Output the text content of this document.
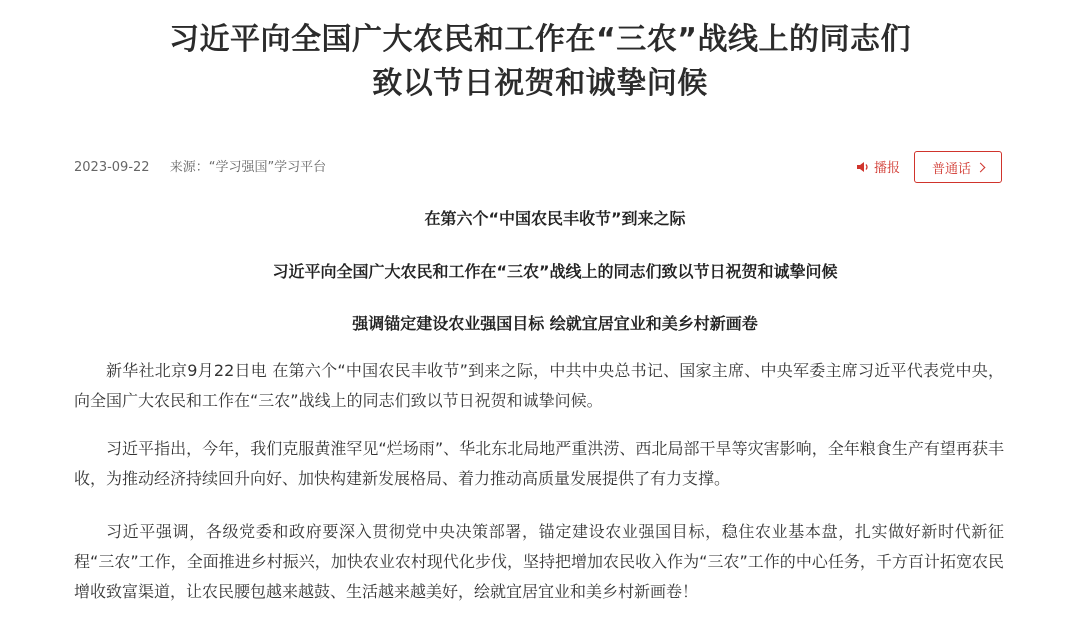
习近平向全国广大农民和工作在“三农”战线上的同志们
致以节日祝贺和诚挚问候
2023-09-22 来源：“学习强国”学习平台	播报 普通话
在第六个“中国农民丰收节”到来之际
习近平向全国广大农民和工作在“三农”战线上的同志们致以节日祝贺和诚挚问候
强调锚定建设农业强国目标 绘就宜居宜业和美乡村新画卷

新华社北京9月22日电 在第六个“中国农民丰收节”到来之际，中共中央总书记、国家主席、中央军委主席习近平代表党中央，向全国广大农民和工作在“三农”战线上的同志们致以节日祝贺和诚挚问候。

习近平指出，今年，我们克服黄淮罕见“烂场雨”、华北东北局地严重洪涝、西北局部干旱等灾害影响，全年粮食生产有望再获丰收，为推动经济持续回升向好、加快构建新发展格局、着力推动高质量发展提供了有力支撑。

习近平强调，各级党委和政府要深入贯彻党中央决策部署，锚定建设农业强国目标，稳住农业基本盘，扎实做好新时代新征程“三农”工作，全面推进乡村振兴，加快农业农村现代化步伐，坚持把增加农民收入作为“三农”工作的中心任务，千方百计拓宽农民增收致富渠道，让农民腰包越来越鼓、生活越来越美好，绘就宜居宜业和美乡村新画卷！
